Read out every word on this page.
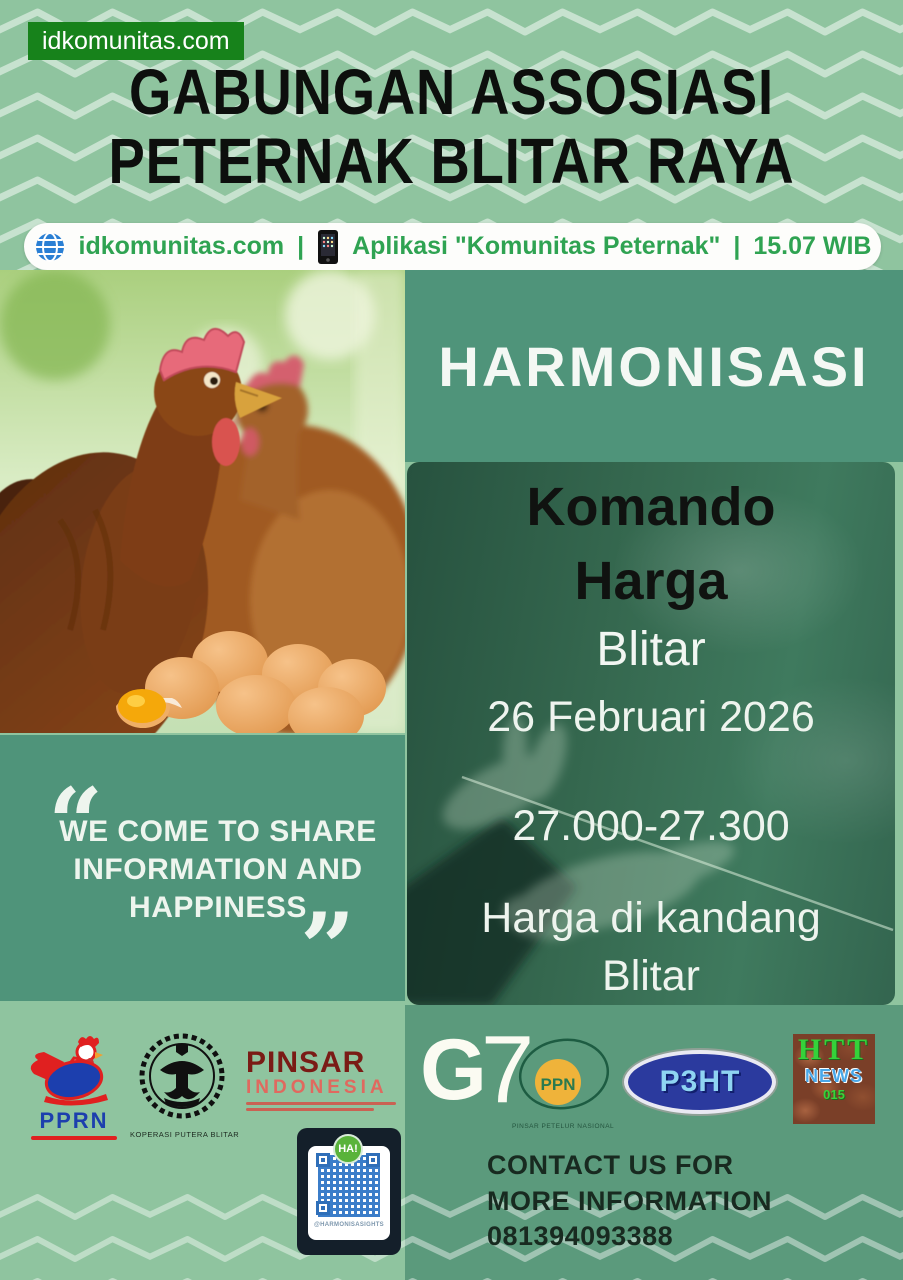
idkomunitas.com
GABUNGAN ASSOSIASI
PETERNAK BLITAR RAYA
idkomunitas.com | Aplikasi "Komunitas Peternak" | 15.07 WIB
HARMONISASI
Komando
Harga
Blitar
26 Februari 2026
27.000-27.300
Harga di kandang
Blitar
“
WE COME TO SHARE
INFORMATION AND
HAPPINESS
”
PPRN
KOPERASI PUTERA BLITAR
PINSAR
INDONESIA
@HARMONISASIGHTS
HA!
G
7 PPN
PINSAR PETELUR NASIONAL
P3HT
HTT
NEWS
015
CONTACT US FOR
MORE INFORMATION
081394093388
